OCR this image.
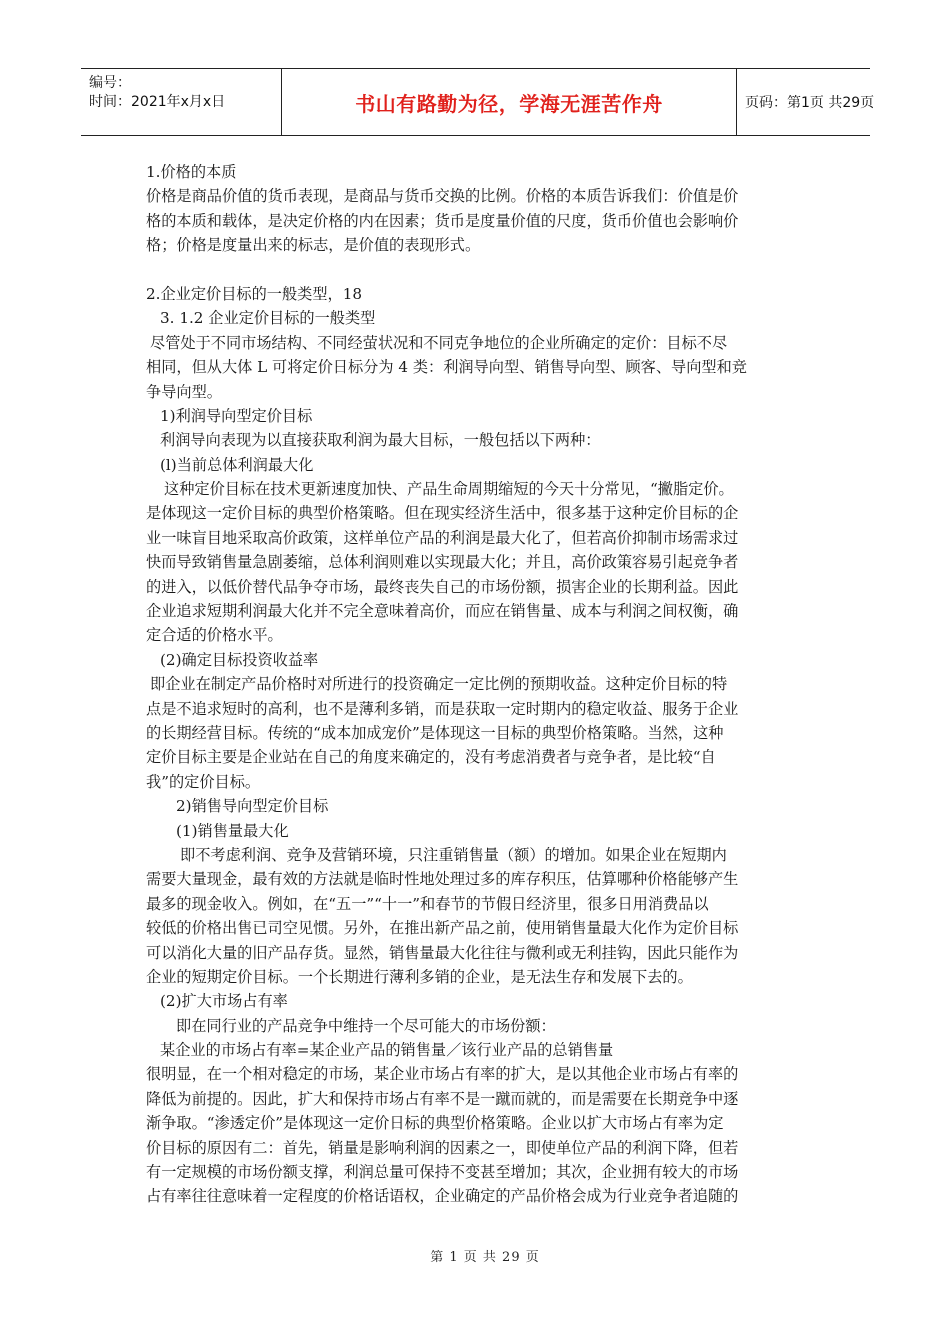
编号：
时间：2021年x月x日	书山有路勤为径，学海无涯苦作舟	页码：第1页 共29页
1.价格的本质
价格是商品价值的货币表现，是商品与货币交换的比例。价格的本质告诉我们：价值是价
格的本质和载体，是决定价格的内在因素；货币是度量价值的尺度，货币价值也会影响价
格；价格是度量出来的标志，是价值的表现形式。
2.企业定价目标的一般类型，18
3. 1.2 企业定价目标的一般类型
尽管处于不同市场结构、不同经萤状况和不同克争地位的企业所确定的定价：目标不尽
相同，但从大体 L 可将定价日标分为 4 类：利润导向型、销售导向型、顾客、导向型和竞
争导向型。
1)利润导向型定价目标
利润导向表现为以直接获取利润为最大目标，一般包括以下两种：
(l)当前总体利润最大化
这种定价目标在技术更新速度加快、产品生命周期缩短的今天十分常见，“撇脂定价。
是体现这一定价目标的典型价格策略。但在现实经济生活中，很多基于这种定价目标的企
业一味盲目地采取高价政策，这样单位产品的利润是最大化了，但若高价抑制市场需求过
快而导致销售量急剧萎缩，总体利润则难以实现最大化；并且，高价政策容易引起竞争者
的进入，以低价替代品争夺市场，最终丧失自己的市场份额，损害企业的长期利益。因此
企业追求短期利润最大化并不完全意味着高价，而应在销售量、成本与利润之间权衡，确
定合适的价格水平。
(2)确定目标投资收益率
即企业在制定产品价格时对所进行的投资确定一定比例的预期收益。这种定价目标的特
点是不追求短时的高利，也不是薄利多销，而是获取一定时期内的稳定收益、服务于企业
的长期经营目标。传统的“成本加成宠价”是体现这一目标的典型价格策略。当然，这种
定价目标主要是企业站在自己的角度来确定的，没有考虑消费者与竞争者，是比较“自
我”的定价目标。
2)销售导向型定价目标
(1)销售量最大化
即不考虑利润、竞争及营销环境，只注重销售量（额）的增加。如果企业在短期内
需要大量现金，最有效的方法就是临时性地处理过多的库存积压，估算哪种价格能够产生
最多的现金收入。例如，在“五一”“十一”和春节的节假日经济里，很多日用消费品以
较低的价格出售已司空见惯。另外，在推出新产品之前，使用销售量最大化作为定价目标
可以消化大量的旧产品存货。显然，销售量最大化往往与微利或无利挂钩，因此只能作为
企业的短期定价目标。一个长期进行薄利多销的企业，是无法生存和发展下去的。
(2)扩大市场占有率
即在同行业的产品竞争中维持一个尽可能大的市场份额：
某企业的市场占有率=某企业产品的销售量／该行业产品的总销售量
很明显，在一个相对稳定的市场，某企业市场占有率的扩大，是以其他企业市场占有率的
降低为前提的。因此，扩大和保持市场占有率不是一蹴而就的，而是需要在长期竞争中逐
渐争取。“渗透定价”是体现这一定价日标的典型价格策略。企业以扩大市场占有率为定
价目标的原因有二：首先，销量是影响利润的因素之一，即使单位产品的利润下降，但若
有一定规模的市场份额支撑，利润总量可保持不变甚至增加；其次，企业拥有较大的市场
占有率往往意味着一定程度的价格话语权，企业确定的产品价格会成为行业竞争者追随的
第 1 页 共 29 页
